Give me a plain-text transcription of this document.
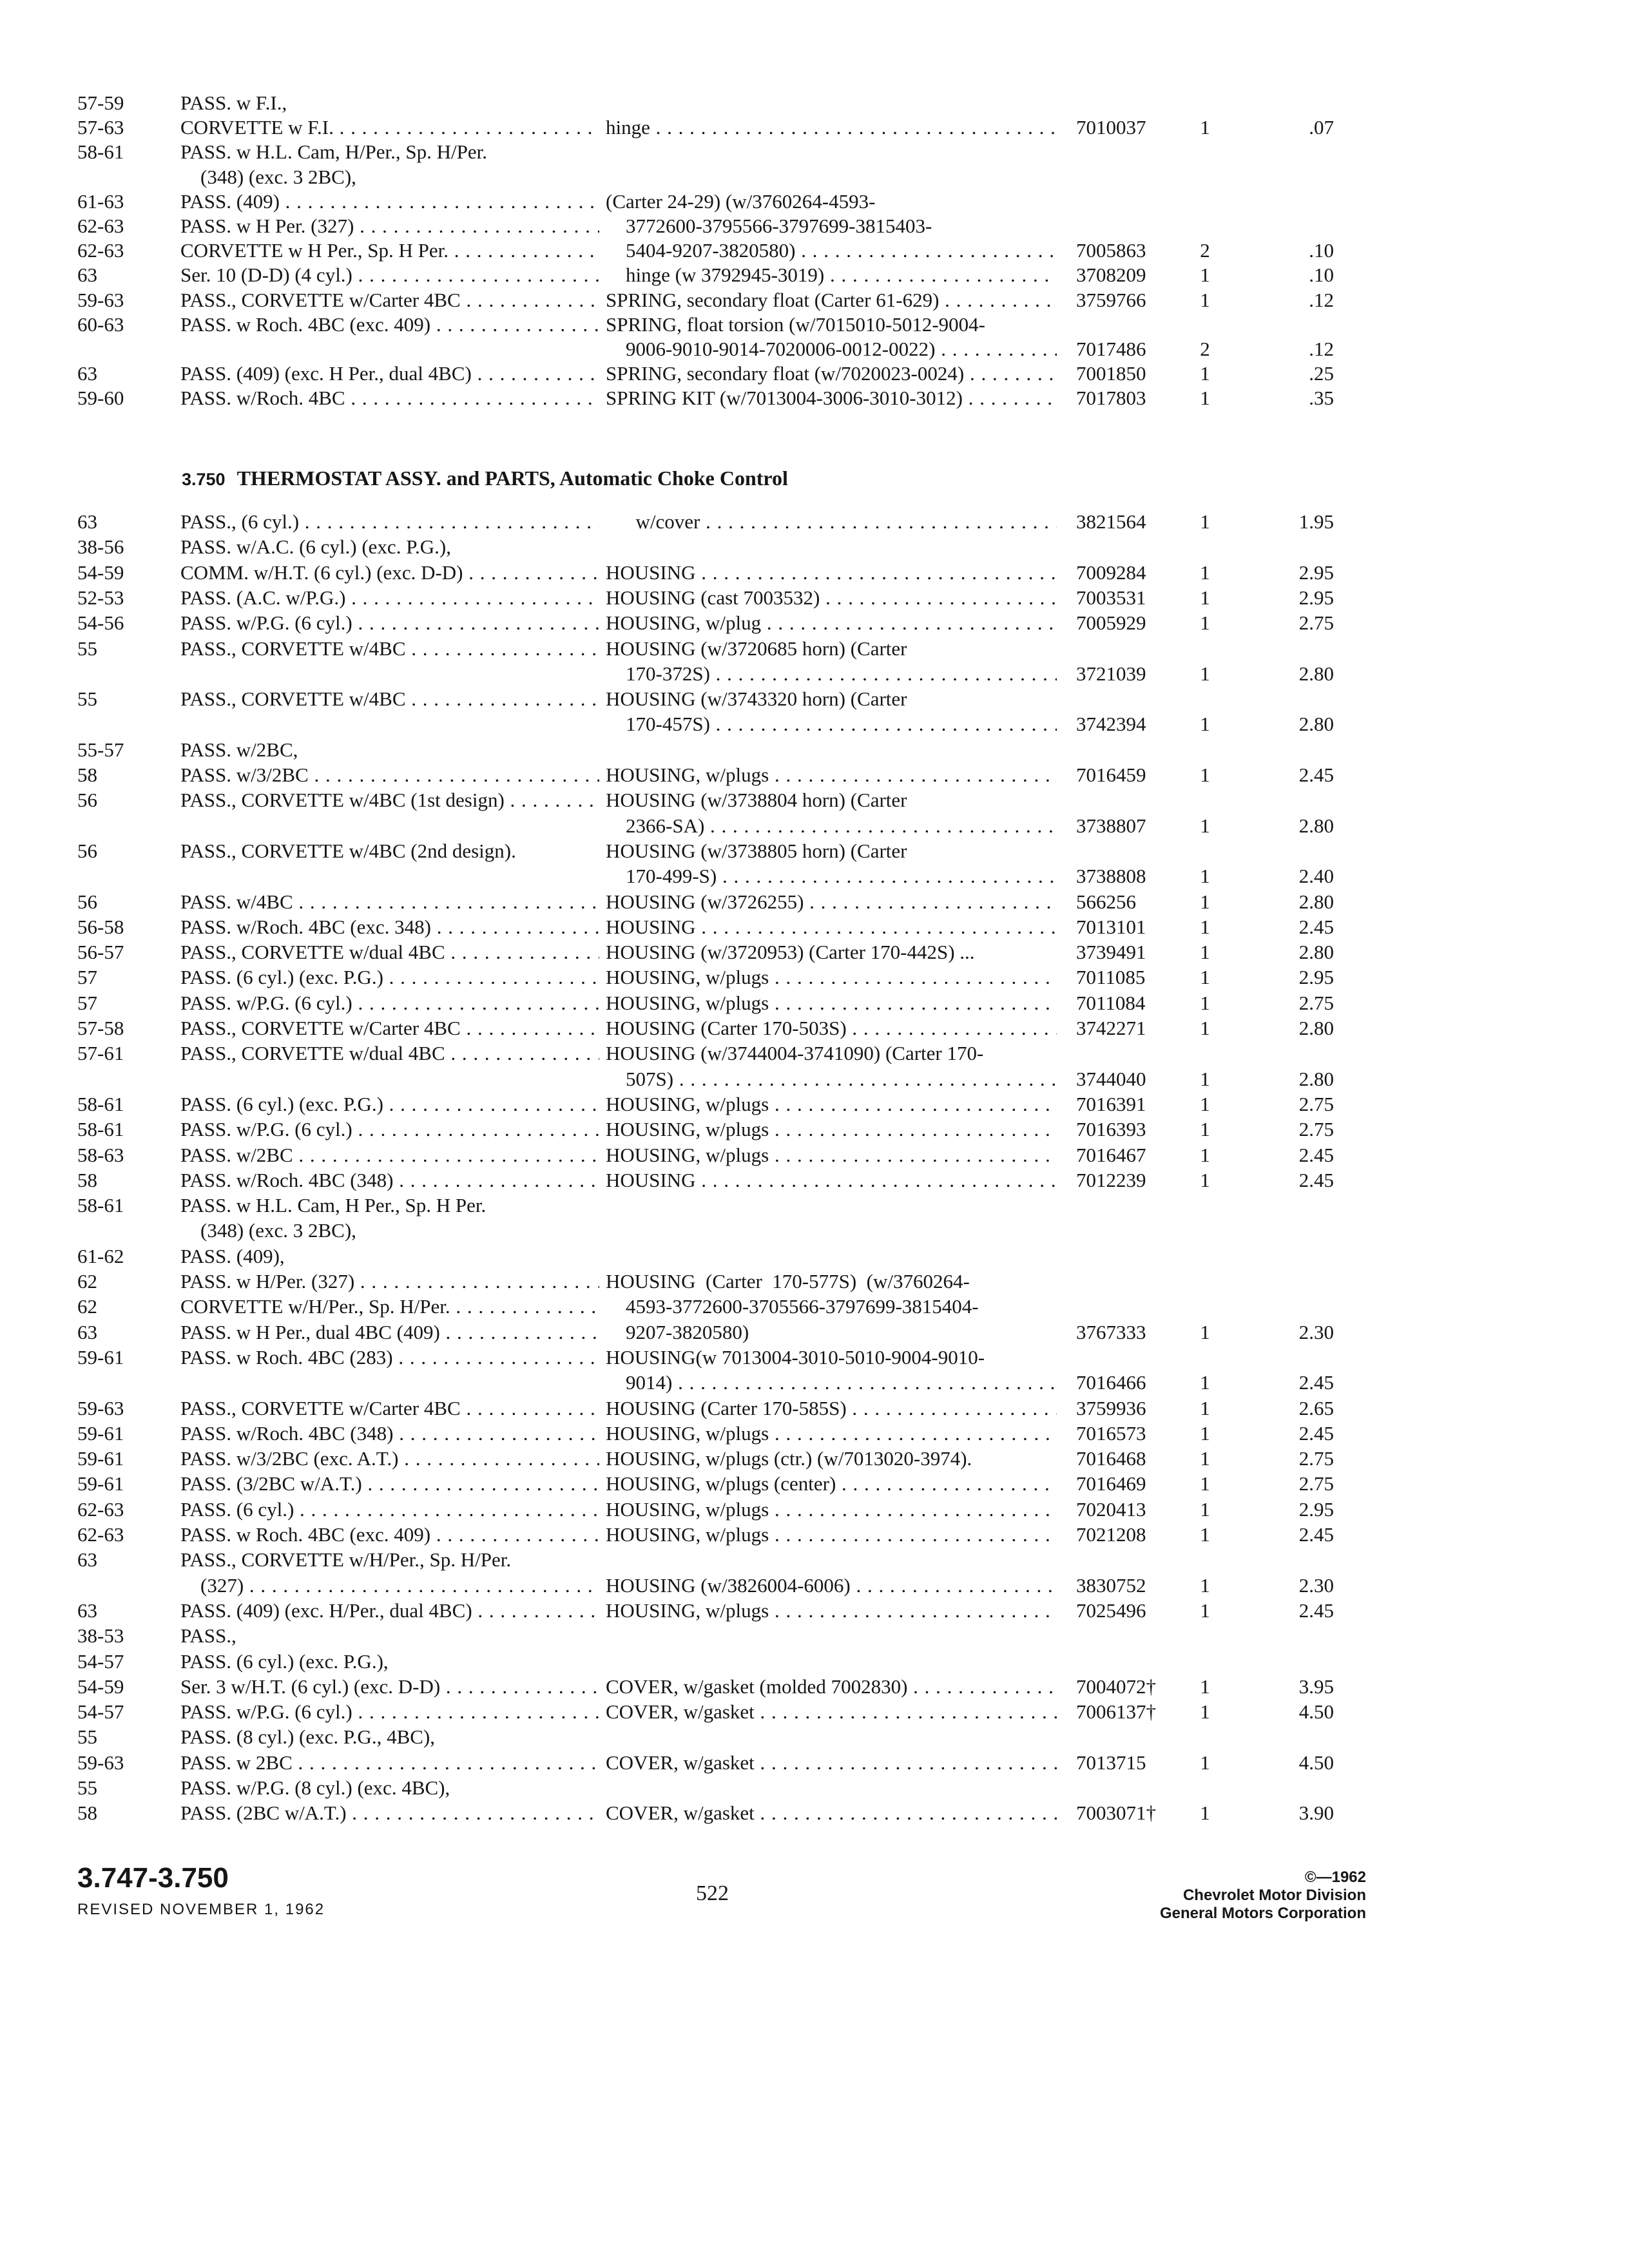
57-59	PASS. w F.I.,
57-63	CORVETTE w F.I. . . .	hinge . . .	7010037	1	.07
58-61	PASS. w H.L. Cam, H/Per., Sp. H/Per.
(348) (exc. 3 2BC),
61-63	PASS. (409) . . .	(Carter 24-29) (w/3760264-4593-
62-63	PASS. w H Per. (327) . . .	3772600-3795566-3797699-3815403-
62-63	CORVETTE w H Per., Sp. H Per. . . .	5404-9207-3820580) . . .	7005863	2	.10
63	Ser. 10 (D-D) (4 cyl.) . . .	hinge (w 3792945-3019) . . .	3708209	1	.10
59-63	PASS., CORVETTE w/Carter 4BC . . .	SPRING, secondary float (Carter 61-629) . . .	3759766	1	.12
60-63	PASS. w Roch. 4BC (exc. 409) . . .	SPRING, float torsion (w/7015010-5012-9004-
9006-9010-9014-7020006-0012-0022) . . .	7017486	2	.12
63	PASS. (409) (exc. H Per., dual 4BC) . . .	SPRING, secondary float (w/7020023-0024) . . .	7001850	1	.25
59-60	PASS. w/Roch. 4BC . . .	SPRING KIT (w/7013004-3006-3010-3012) . . .	7017803	1	.35
3.750 THERMOSTAT ASSY. and PARTS, Automatic Choke Control
63	PASS., (6 cyl.) . . .	w/cover . . .	3821564	1	1.95
38-56	PASS. w/A.C. (6 cyl.) (exc. P.G.),
54-59	COMM. w/H.T. (6 cyl.) (exc. D-D) . . .	HOUSING . . .	7009284	1	2.95
52-53	PASS. (A.C. w/P.G.) . . .	HOUSING (cast 7003532) . . .	7003531	1	2.95
54-56	PASS. w/P.G. (6 cyl.) . . .	HOUSING, w/plug . . .	7005929	1	2.75
55	PASS., CORVETTE w/4BC . . .	HOUSING (w/3720685 horn) (Carter
170-372S) . . .	3721039	1	2.80
55	PASS., CORVETTE w/4BC . . .	HOUSING (w/3743320 horn) (Carter
170-457S) . . .	3742394	1	2.80
55-57	PASS. w/2BC,
58	PASS. w/3/2BC . . .	HOUSING, w/plugs . . .	7016459	1	2.45
56	PASS., CORVETTE w/4BC (1st design) . . .	HOUSING (w/3738804 horn) (Carter
2366-SA) . . .	3738807	1	2.80
56	PASS., CORVETTE w/4BC (2nd design).	HOUSING (w/3738805 horn) (Carter
170-499-S) . . .	3738808	1	2.40
56	PASS. w/4BC . . .	HOUSING (w/3726255) . . .	566256	1	2.80
56-58	PASS. w/Roch. 4BC (exc. 348) . . .	HOUSING . . .	7013101	1	2.45
56-57	PASS., CORVETTE w/dual 4BC . . .	HOUSING (w/3720953) (Carter 170-442S) ...	3739491	1	2.80
57	PASS. (6 cyl.) (exc. P.G.) . . .	HOUSING, w/plugs . . .	7011085	1	2.95
57	PASS. w/P.G. (6 cyl.) . . .	HOUSING, w/plugs . . .	7011084	1	2.75
57-58	PASS., CORVETTE w/Carter 4BC . . .	HOUSING (Carter 170-503S) . . .	3742271	1	2.80
57-61	PASS., CORVETTE w/dual 4BC . . .	HOUSING (w/3744004-3741090) (Carter 170-
507S) . . .	3744040	1	2.80
58-61	PASS. (6 cyl.) (exc. P.G.) . . .	HOUSING, w/plugs . . .	7016391	1	2.75
58-61	PASS. w/P.G. (6 cyl.) . . .	HOUSING, w/plugs . . .	7016393	1	2.75
58-63	PASS. w/2BC . . .	HOUSING, w/plugs . . .	7016467	1	2.45
58	PASS. w/Roch. 4BC (348) . . .	HOUSING . . .	7012239	1	2.45
58-61	PASS. w H.L. Cam, H Per., Sp. H Per.
(348) (exc. 3 2BC),
61-62	PASS. (409),
62	PASS. w H/Per. (327) . . .	HOUSING  (Carter  170-577S)  (w/3760264-
62	CORVETTE w/H/Per., Sp. H/Per. . . .	4593-3772600-3705566-3797699-3815404-
63	PASS. w H Per., dual 4BC (409) . . .	9207-3820580)	3767333	1	2.30
59-61	PASS. w Roch. 4BC (283) . . .	HOUSING(w 7013004-3010-5010-9004-9010-
9014) . . .	7016466	1	2.45
59-63	PASS., CORVETTE w/Carter 4BC . . .	HOUSING (Carter 170-585S) . . .	3759936	1	2.65
59-61	PASS. w/Roch. 4BC (348) . . .	HOUSING, w/plugs . . .	7016573	1	2.45
59-61	PASS. w/3/2BC (exc. A.T.) . . .	HOUSING, w/plugs (ctr.) (w/7013020-3974).	7016468	1	2.75
59-61	PASS. (3/2BC w/A.T.) . . .	HOUSING, w/plugs (center) . . .	7016469	1	2.75
62-63	PASS. (6 cyl.) . . .	HOUSING, w/plugs . . .	7020413	1	2.95
62-63	PASS. w Roch. 4BC (exc. 409) . . .	HOUSING, w/plugs . . .	7021208	1	2.45
63	PASS., CORVETTE w/H/Per., Sp. H/Per.
(327) . . .	HOUSING (w/3826004-6006) . . .	3830752	1	2.30
63	PASS. (409) (exc. H/Per., dual 4BC) . . .	HOUSING, w/plugs . . .	7025496	1	2.45
38-53	PASS.,
54-57	PASS. (6 cyl.) (exc. P.G.),
54-59	Ser. 3 w/H.T. (6 cyl.) (exc. D-D) . . .	COVER, w/gasket (molded 7002830) . . .	7004072†	1	3.95
54-57	PASS. w/P.G. (6 cyl.) . . .	COVER, w/gasket . . .	7006137†	1	4.50
55	PASS. (8 cyl.) (exc. P.G., 4BC),
59-63	PASS. w 2BC . . .	COVER, w/gasket . . .	7013715	1	4.50
55	PASS. w/P.G. (8 cyl.) (exc. 4BC),
58	PASS. (2BC w/A.T.) . . .	COVER, w/gasket . . .	7003071†	1	3.90
3.747-3.750
REVISED NOVEMBER 1, 1962
522
©—1962
Chevrolet Motor Division
General Motors Corporation
